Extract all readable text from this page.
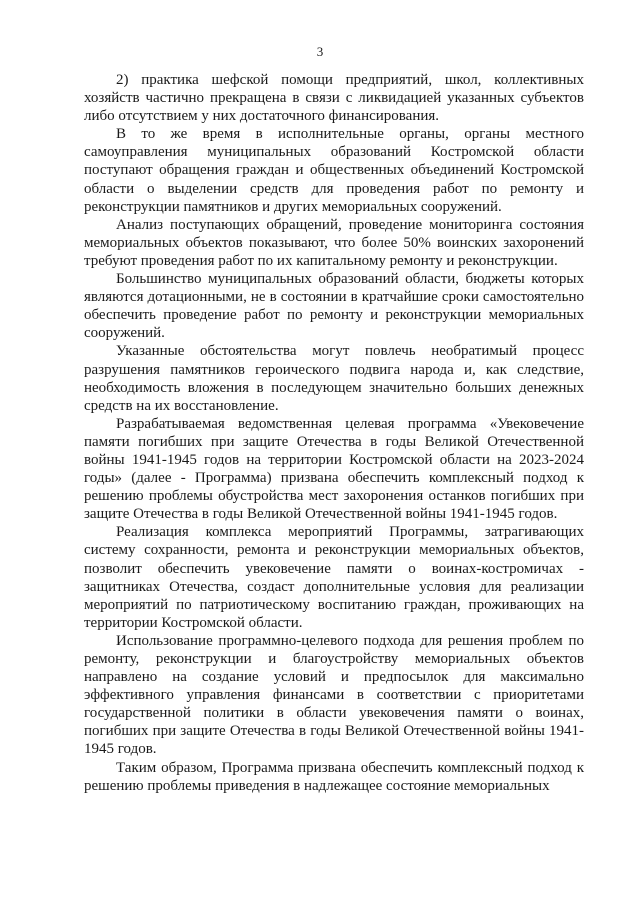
3

2) практика шефской помощи предприятий, школ, коллективных хозяйств частично прекращена в связи с ликвидацией указанных субъектов либо отсутствием у них достаточного финансирования.

В то же время в исполнительные органы, органы местного самоуправления муниципальных образований Костромской области поступают обращения граждан и общественных объединений Костромской области о выделении средств для проведения работ по ремонту и реконструкции памятников и других мемориальных сооружений.

Анализ поступающих обращений, проведение мониторинга состояния мемориальных объектов показывают, что более 50% воинских захоронений требуют проведения работ по их капитальному ремонту и реконструкции.

Большинство муниципальных образований области, бюджеты которых являются дотационными, не в состоянии в кратчайшие сроки самостоятельно обеспечить проведение работ по ремонту и реконструкции мемориальных сооружений.

Указанные обстоятельства могут повлечь необратимый процесс разрушения памятников героического подвига народа и, как следствие, необходимость вложения в последующем значительно больших денежных средств на их восстановление.

Разрабатываемая ведомственная целевая программа «Увековечение памяти погибших при защите Отечества в годы Великой Отечественной войны 1941-1945 годов на территории Костромской области на 2023-2024 годы» (далее - Программа) призвана обеспечить комплексный подход к решению проблемы обустройства мест захоронения останков погибших при защите Отечества в годы Великой Отечественной войны 1941-1945 годов.

Реализация комплекса мероприятий Программы, затрагивающих систему сохранности, ремонта и реконструкции мемориальных объектов, позволит обеспечить увековечение памяти о воинах-костромичах - защитниках Отечества, создаст дополнительные условия для реализации мероприятий по патриотическому воспитанию граждан, проживающих на территории Костромской области.

Использование программно-целевого подхода для решения проблем по ремонту, реконструкции и благоустройству мемориальных объектов направлено на создание условий и предпосылок для максимально эффективного управления финансами в соответствии с приоритетами государственной политики в области увековечения памяти о воинах, погибших при защите Отечества в годы Великой Отечественной войны 1941-1945 годов.

Таким образом, Программа призвана обеспечить комплексный подход к решению проблемы приведения в надлежащее состояние мемориальных
